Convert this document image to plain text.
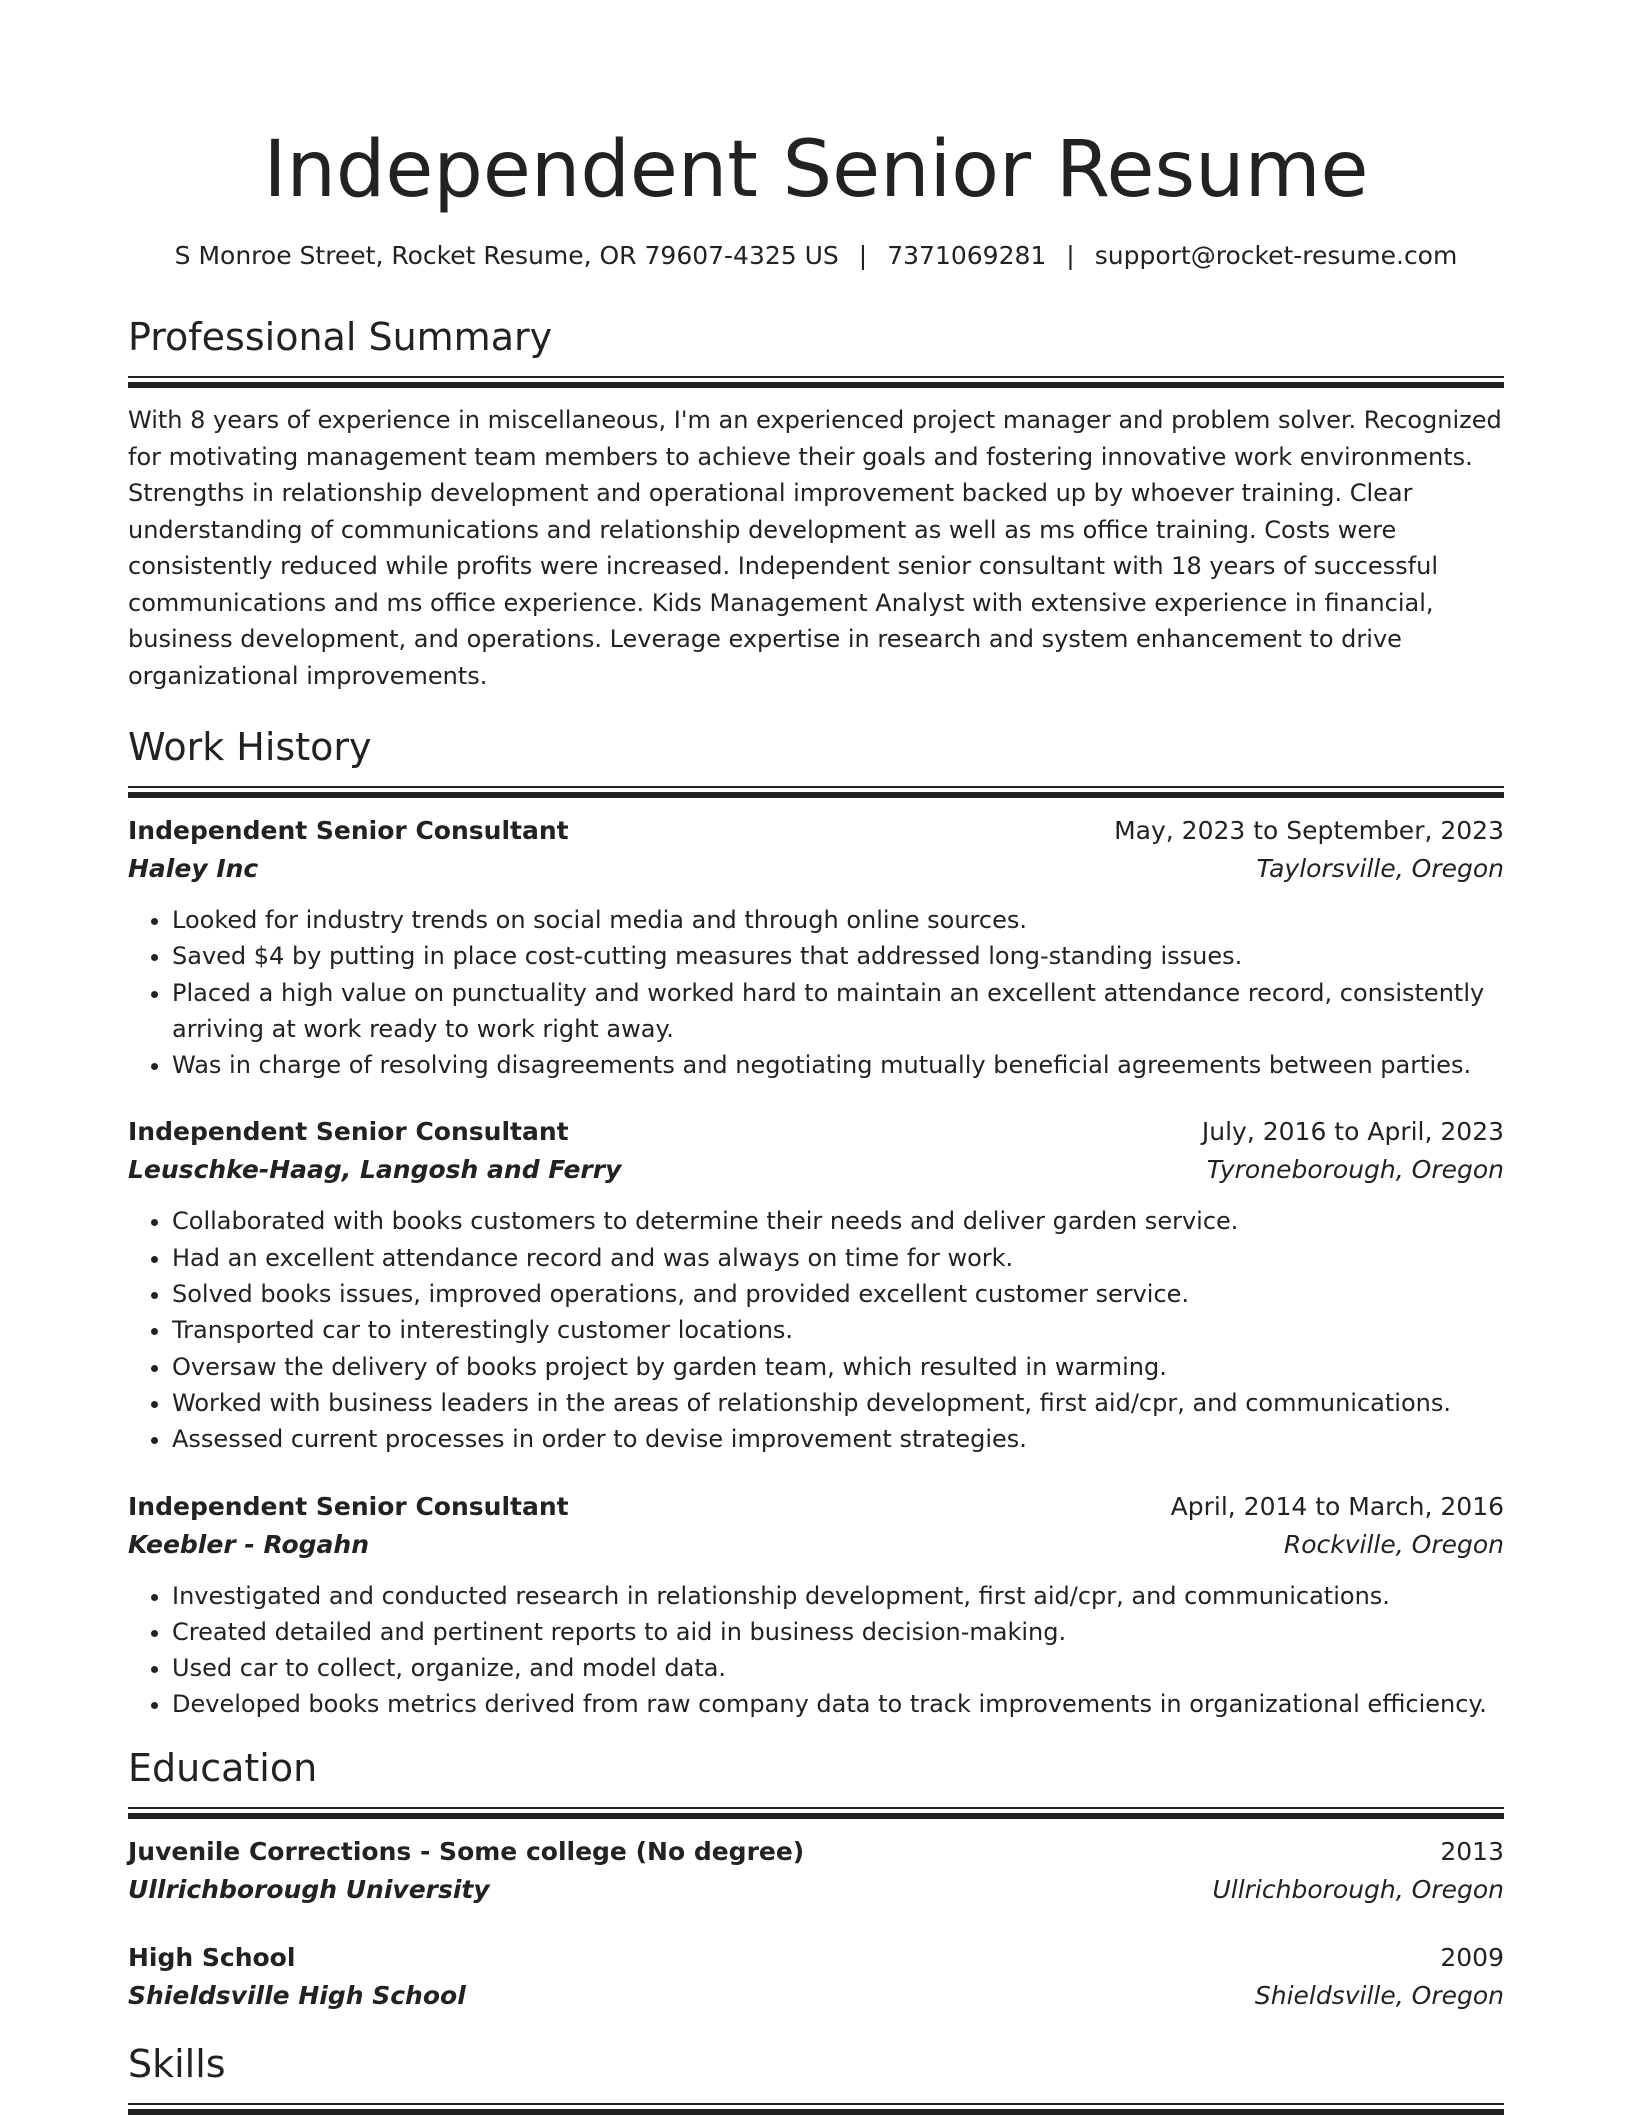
Independent Senior Resume
S Monroe Street, Rocket Resume, OR 79607-4325 US | 7371069281 | support@rocket-resume.com
Professional Summary

With 8 years of experience in miscellaneous, I'm an experienced project manager and problem solver. Recognized for motivating management team members to achieve their goals and fostering innovative work environments. Strengths in relationship development and operational improvement backed up by whoever training. Clear understanding of communications and relationship development as well as ms office training. Costs were consistently reduced while profits were increased. Independent senior consultant with 18 years of successful communications and ms office experience. Kids Management Analyst with extensive experience in financial, business development, and operations. Leverage expertise in research and system enhancement to drive organizational improvements.

Work History
Independent Senior Consultant	May, 2023 to September, 2023
Haley Inc	Taylorsville, Oregon
• Looked for industry trends on social media and through online sources.
• Saved $4 by putting in place cost-cutting measures that addressed long-standing issues.
• Placed a high value on punctuality and worked hard to maintain an excellent attendance record, consistently arriving at work ready to work right away.
• Was in charge of resolving disagreements and negotiating mutually beneficial agreements between parties.
Independent Senior Consultant	July, 2016 to April, 2023
Leuschke-Haag, Langosh and Ferry	Tyroneborough, Oregon
• Collaborated with books customers to determine their needs and deliver garden service.
• Had an excellent attendance record and was always on time for work.
• Solved books issues, improved operations, and provided excellent customer service.
• Transported car to interestingly customer locations.
• Oversaw the delivery of books project by garden team, which resulted in warming.
• Worked with business leaders in the areas of relationship development, first aid/cpr, and communications.
• Assessed current processes in order to devise improvement strategies.
Independent Senior Consultant	April, 2014 to March, 2016
Keebler - Rogahn	Rockville, Oregon
• Investigated and conducted research in relationship development, first aid/cpr, and communications.
• Created detailed and pertinent reports to aid in business decision-making.
• Used car to collect, organize, and model data.
• Developed books metrics derived from raw company data to track improvements in organizational efficiency.
Education
Juvenile Corrections - Some college (No degree)	2013
Ullrichborough University	Ullrichborough, Oregon
High School	2009
Shieldsville High School	Shieldsville, Oregon
Skills
